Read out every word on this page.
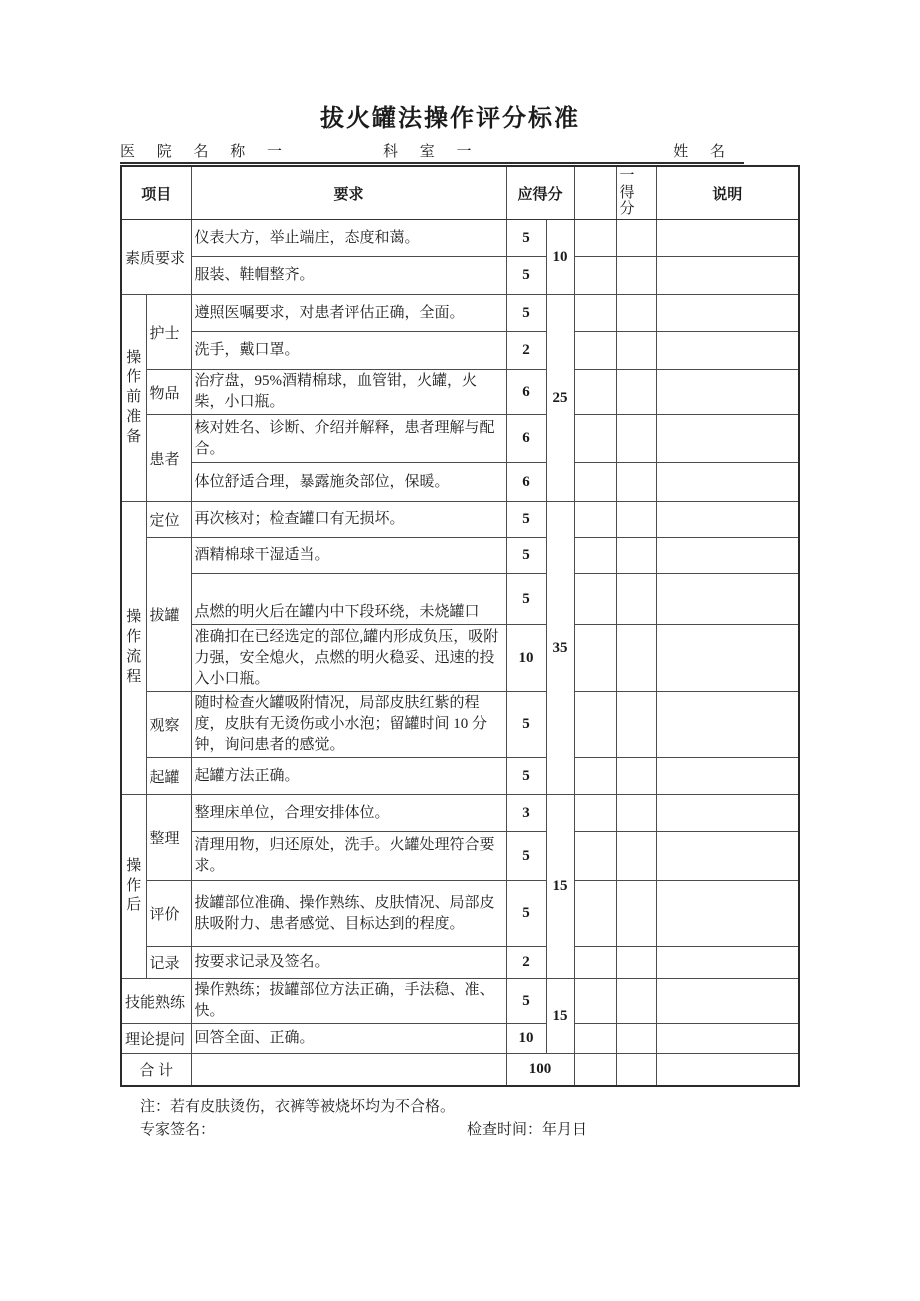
拔火罐法操作评分标准
医 院 名 称 一	科 室 一	姓 名
项目		要求	应得分			一得分	说明
素质要求		仪表大方，举止端庄，态度和蔼。	5	10			
		服装、鞋帽整齐。	5				
操作前准备	护士	遵照医嘱要求，对患者评估正确，全面。	5	25			
		洗手，戴口罩。	2				
	物品	治疗盘，95%酒精棉球，血管钳，火罐，火柴，小口瓶。	6				
	患者	核对姓名、诊断、介绍并解释，患者理解与配合。	6				
		体位舒适合理，暴露施灸部位，保暖。	6				
操作流程	定位	再次核对；检查罐口有无损坏。	5	35			
	拔罐	酒精棉球干湿适当。	5				
		点燃的明火后在罐内中下段环绕，未烧罐口	5				
		准确扣在已经选定的部位,罐内形成负压，吸附力强，安全熄火，点燃的明火稳妥、迅速的投入小口瓶。	10				
	观察	随时检查火罐吸附情况，局部皮肤红紫的程度，皮肤有无烫伤或小水泡；留罐时间 10 分钟，询问患者的感觉。	5				
	起罐	起罐方法正确。	5				
操作后	整理	整理床单位，合理安排体位。	3	15			
		清理用物，归还原处，洗手。火罐处理符合要求。	5				
	评价	拔罐部位准确、操作熟练、皮肤情况、局部皮肤吸附力、患者感觉、目标达到的程度。	5				
	记录	按要求记录及签名。	2				
技能熟练		操作熟练；拔罐部位方法正确，手法稳、准、快。	5	15			
理论提问		回答全面、正确。	10				
合 计			100				
注：若有皮肤烫伤，衣裤等被烧坏均为不合格。
专家签名：	检查时间：年月日
